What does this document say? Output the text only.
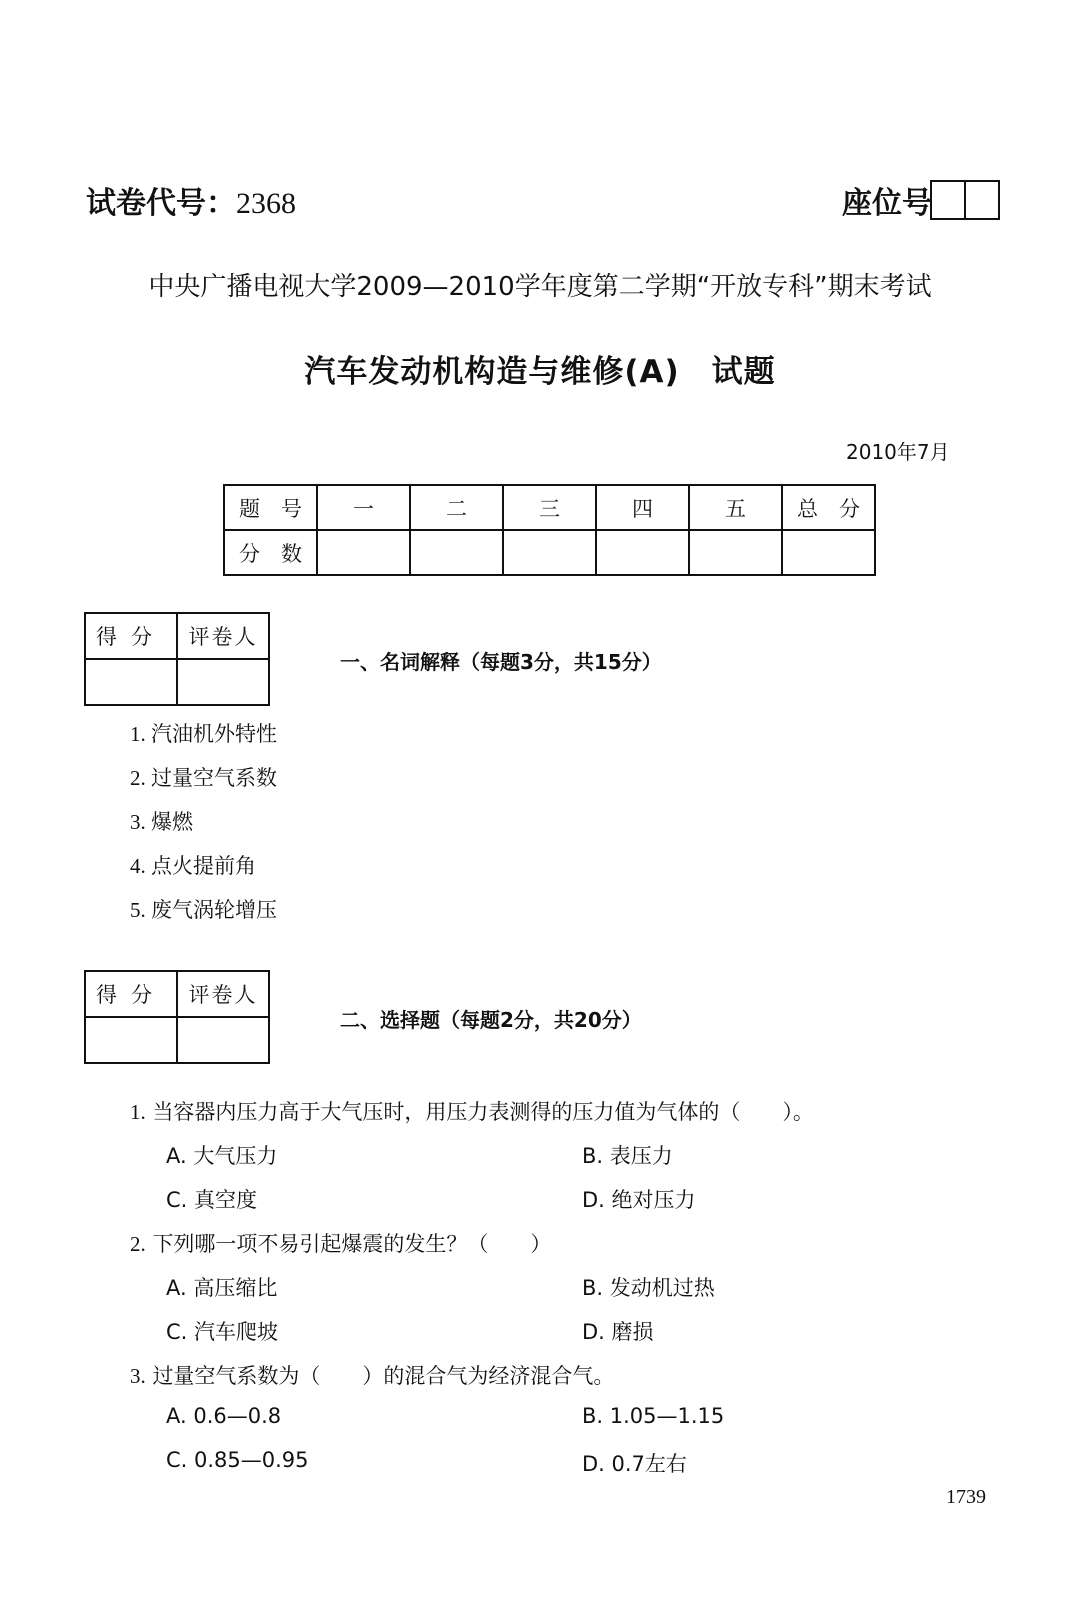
试卷代号：2368	座位号
中央广播电视大学2009—2010学年度第二学期“开放专科”期末考试
汽车发动机构造与维修(A)　试题
2010年7月
题　号	一	二	三	四	五	总　分
分　数						
得分	评卷人

一、名词解释（每题3分，共15分）
1. 汽油机外特性
2. 过量空气系数
3. 爆燃
4. 点火提前角
5. 废气涡轮增压
得分	评卷人

二、选择题（每题2分，共20分）
1. 当容器内压力高于大气压时，用压力表测得的压力值为气体的（　　）。
A. 大气压力	B. 表压力
C. 真空度	D. 绝对压力
2. 下列哪一项不易引起爆震的发生？（　　）
A. 高压缩比	B. 发动机过热
C. 汽车爬坡	D. 磨损
3. 过量空气系数为（　　）的混合气为经济混合气。
A. 0.6—0.8	B. 1.05—1.15
C. 0.85—0.95	D. 0.7左右
1739
